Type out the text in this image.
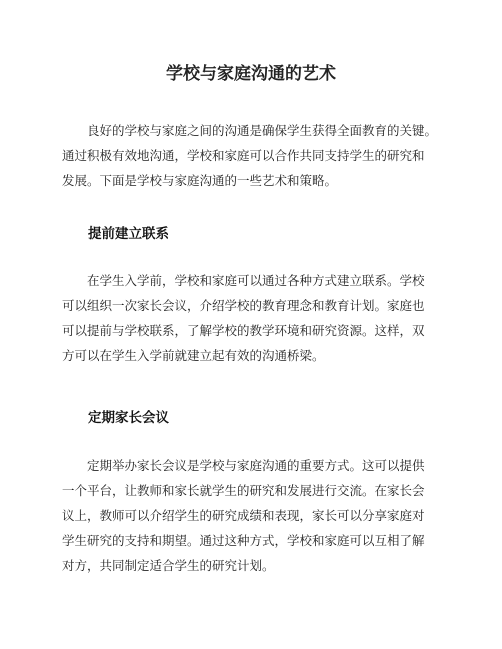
学校与家庭沟通的艺术

良好的学校与家庭之间的沟通是确保学生获得全面教育的关键。
通过积极有效地沟通，学校和家庭可以合作共同支持学生的研究和
发展。下面是学校与家庭沟通的一些艺术和策略。

提前建立联系

在学生入学前，学校和家庭可以通过各种方式建立联系。学校
可以组织一次家长会议，介绍学校的教育理念和教育计划。家庭也
可以提前与学校联系，了解学校的教学环境和研究资源。这样，双
方可以在学生入学前就建立起有效的沟通桥梁。

定期家长会议

定期举办家长会议是学校与家庭沟通的重要方式。这可以提供
一个平台，让教师和家长就学生的研究和发展进行交流。在家长会
议上，教师可以介绍学生的研究成绩和表现，家长可以分享家庭对
学生研究的支持和期望。通过这种方式，学校和家庭可以互相了解
对方，共同制定适合学生的研究计划。
